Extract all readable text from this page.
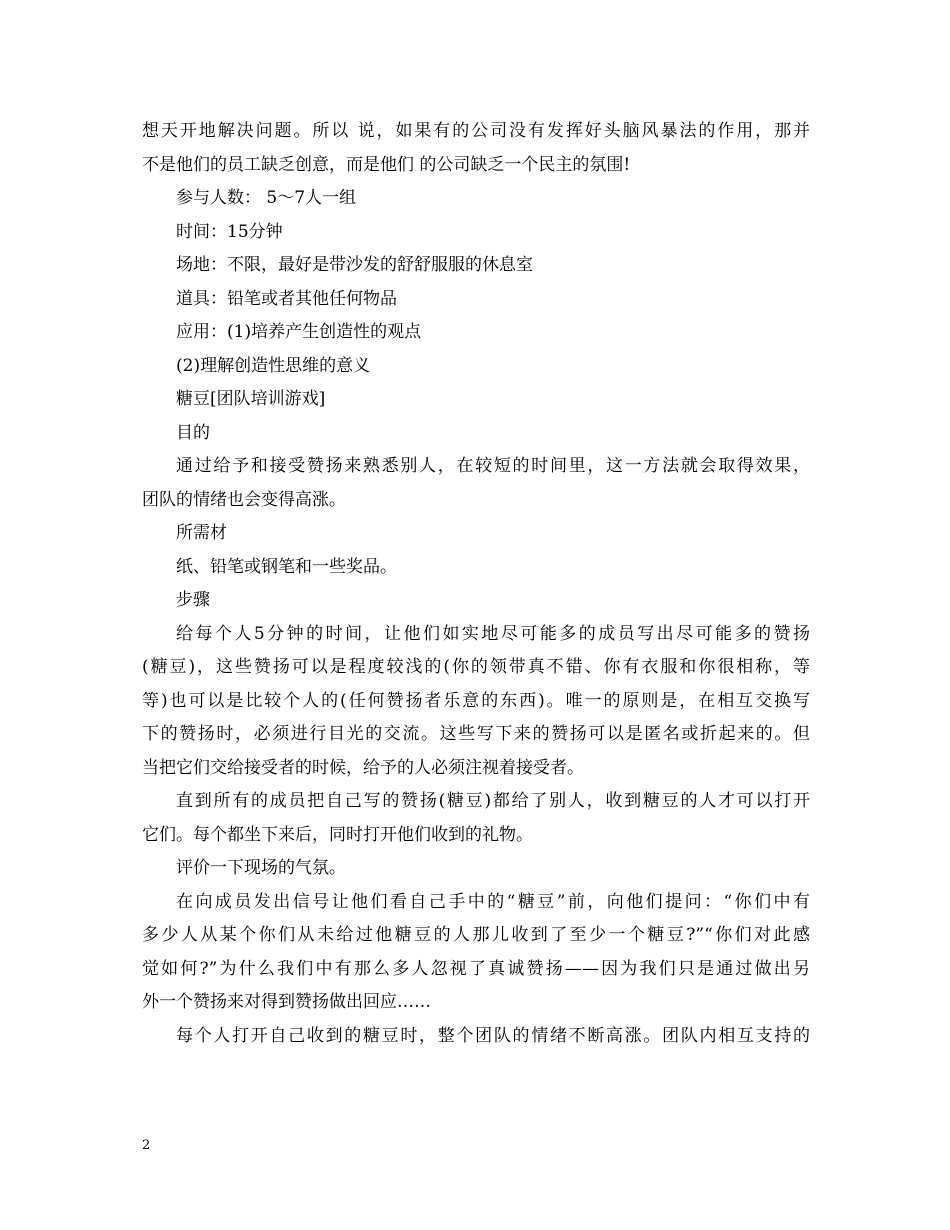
想天开地解决问题。所以 说，如果有的公司没有发挥好头脑风暴法的作用，那并
不是他们的员工缺乏创意，而是他们 的公司缺乏一个民主的氛围!
参与人数： 5～7人一组
时间：15分钟
场地：不限，最好是带沙发的舒舒服服的休息室
道具：铅笔或者其他任何物品
应用：(1)培养产生创造性的观点
(2)理解创造性思维的意义
糖豆[团队培训游戏]
目的
通过给予和接受赞扬来熟悉别人，在较短的时间里，这一方法就会取得效果，
团队的情绪也会变得高涨。
所需材
纸、铅笔或钢笔和一些奖品。
步骤
给每个人5分钟的时间，让他们如实地尽可能多的成员写出尽可能多的赞扬
(糖豆)，这些赞扬可以是程度较浅的(你的领带真不错、你有衣服和你很相称，等
等)也可以是比较个人的(任何赞扬者乐意的东西)。唯一的原则是，在相互交换写
下的赞扬时，必须进行目光的交流。这些写下来的赞扬可以是匿名或折起来的。但
当把它们交给接受者的时候，给予的人必须注视着接受者。
直到所有的成员把自己写的赞扬(糖豆)都给了别人，收到糖豆的人才可以打开
它们。每个都坐下来后，同时打开他们收到的礼物。
评价一下现场的气氛。
在向成员发出信号让他们看自己手中的“糖豆”前，向他们提问：“你们中有
多少人从某个你们从未给过他糖豆的人那儿收到了至少一个糖豆?”“你们对此感
觉如何?”为什么我们中有那么多人忽视了真诚赞扬——因为我们只是通过做出另
外一个赞扬来对得到赞扬做出回应……
每个人打开自己收到的糖豆时，整个团队的情绪不断高涨。团队内相互支持的
2
